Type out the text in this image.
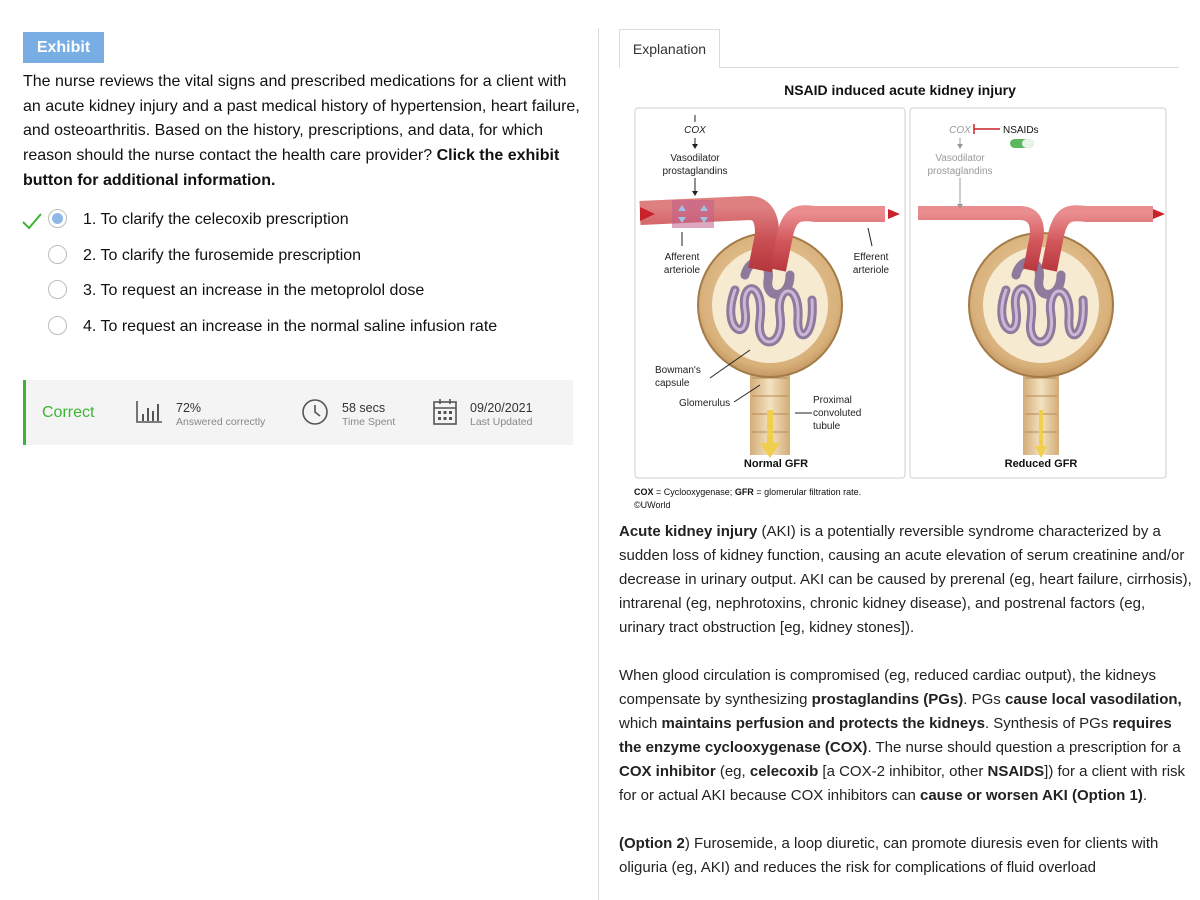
Exhibit
The nurse reviews the vital signs and prescribed medications for a client with an acute kidney injury and a past medical history of hypertension, heart failure, and osteoarthritis. Based on the history, prescriptions, and data, for which reason should the nurse contact the health care provider? Click the exhibit button for additional information.
1. To clarify the celecoxib prescription
2. To clarify the furosemide prescription
3. To request an increase in the metoprolol dose
4. To request an increase in the normal saline infusion rate
Correct	72%
Answered correctly
58 secs
Time Spent
09/20/2021
Last Updated
Explanation
NSAID induced acute kidney injury
COX
Vasodilator
prostaglandins
Afferent
arteriole
Efferent
arteriole
Bowman's
capsule
Glomerulus	Proximal
convoluted
tubule
Normal GFR
COX	NSAIDs
Vasodilator
prostaglandins
Reduced GFR
COX = Cyclooxygenase; GFR = glomerular filtration rate.
©UWorld

Acute kidney injury (AKI) is a potentially reversible syndrome characterized by a sudden loss of kidney function, causing an acute elevation of serum creatinine and/or decrease in urinary output. AKI can be caused by prerenal (eg, heart failure, cirrhosis), intrarenal (eg, nephrotoxins, chronic kidney disease), and postrenal factors (eg, urinary tract obstruction [eg, kidney stones]).

When glood circulation is compromised (eg, reduced cardiac output), the kidneys compensate by synthesizing prostaglandins (PGs). PGs cause local vasodilation, which maintains perfusion and protects the kidneys. Synthesis of PGs requires the enzyme cyclooxygenase (COX). The nurse should question a prescription for a COX inhibitor (eg, celecoxib [a COX-2 inhibitor, other NSAIDS]) for a client with risk for or actual AKI because COX inhibitors can cause or worsen AKI (Option 1).

(Option 2) Furosemide, a loop diuretic, can promote diuresis even for clients with oliguria (eg, AKI) and reduces the risk for complications of fluid overload
